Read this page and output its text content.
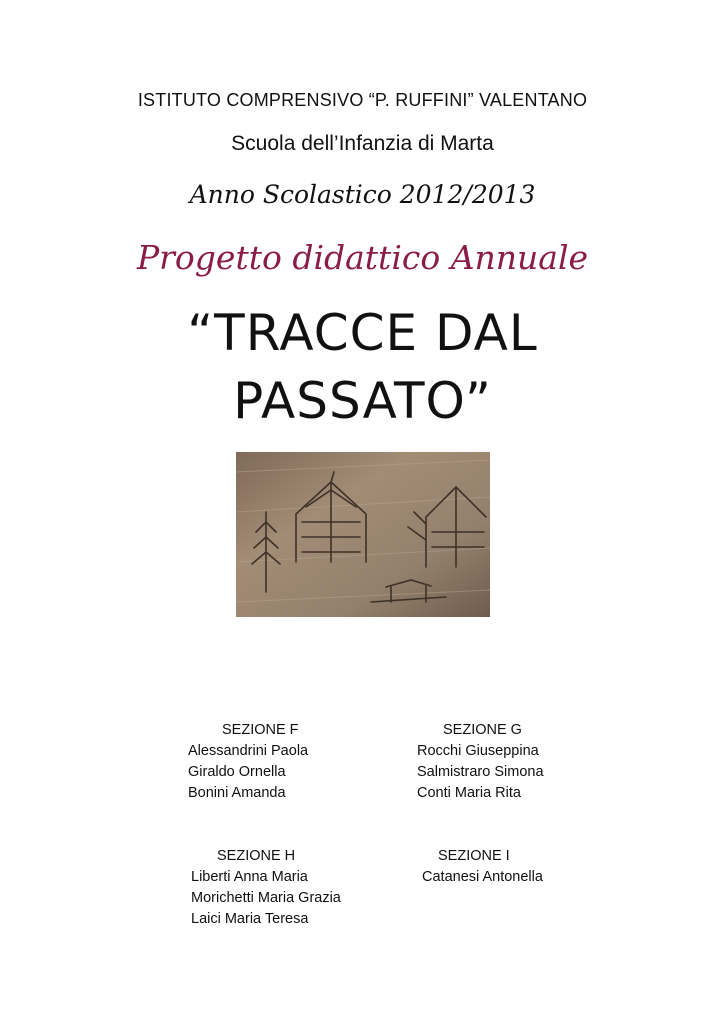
ISTITUTO COMPRENSIVO “P. RUFFINI” VALENTANO
Scuola dell’Infanzia di Marta
Anno Scolastico 2012/2013
Progetto didattico Annuale
“TRACCE DAL
PASSATO”
SEZIONE F
Alessandrini Paola
Giraldo Ornella
Bonini Amanda
SEZIONE G
Rocchi Giuseppina
Salmistraro Simona
Conti Maria Rita
SEZIONE H
Liberti Anna Maria
Morichetti Maria Grazia
Laici Maria Teresa
SEZIONE I
Catanesi Antonella
